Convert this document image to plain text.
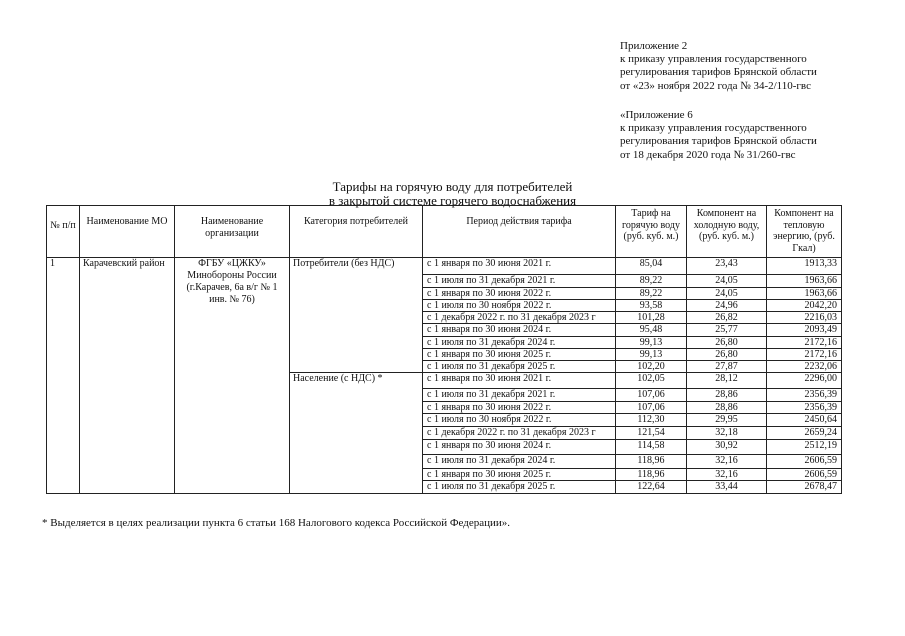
Приложение 2
к приказу управления государственного
регулирования тарифов Брянской области
от «23» ноября 2022 года № 34-2/110-гвс
«Приложение 6
к приказу управления государственного
регулирования тарифов Брянской области
от 18 декабря 2020 года № 31/260-гвс
Тарифы на горячую воду для потребителей
в закрытой системе горячего водоснабжения
№ п/п	Наименование МО	Наименование организации	Категория потребителей	Период действия тарифа	Тариф на горячую воду (руб. куб. м.)	Компонент на холодную воду, (руб. куб. м.)	Компонент на тепловую энергию, (руб. Гкал)
1	Карачевский район	ФГБУ «ЦЖКУ» Минобороны России (г.Карачев, 6а в/г № 1 инв. № 76)	Потребители (без НДС)	с 1 января по 30 июня 2021 г.	85,04	23,43	1913,33
				с 1 июля по 31 декабря 2021 г.	89,22	24,05	1963,66
				с 1 января по 30 июня 2022 г.	89,22	24,05	1963,66
				с 1 июля по 30 ноября 2022 г.	93,58	24,96	2042,20
				с 1 декабря 2022 г. по 31 декабря 2023 г	101,28	26,82	2216,03
				с 1 января по 30 июня 2024 г.	95,48	25,77	2093,49
				с 1 июля по 31 декабря 2024 г.	99,13	26,80	2172,16
				с 1 января по 30 июня 2025 г.	99,13	26,80	2172,16
				с 1 июля по 31 декабря 2025 г.	102,20	27,87	2232,06
			Население (с НДС) *	с 1 января по 30 июня 2021 г.	102,05	28,12	2296,00
				с 1 июля по 31 декабря 2021 г.	107,06	28,86	2356,39
				с 1 января по 30 июня 2022 г.	107,06	28,86	2356,39
				с 1 июля по 30 ноября 2022 г.	112,30	29,95	2450,64
				с 1 декабря 2022 г. по 31 декабря 2023 г	121,54	32,18	2659,24
				с 1 января по 30 июня 2024 г.	114,58	30,92	2512,19
				с 1 июля по 31 декабря 2024 г.	118,96	32,16	2606,59
				с 1 января по 30 июня 2025 г.	118,96	32,16	2606,59
				с 1 июля по 31 декабря 2025 г.	122,64	33,44	2678,47
* Выделяется в целях реализации пункта 6 статьи 168 Налогового кодекса Российской Федерации».
